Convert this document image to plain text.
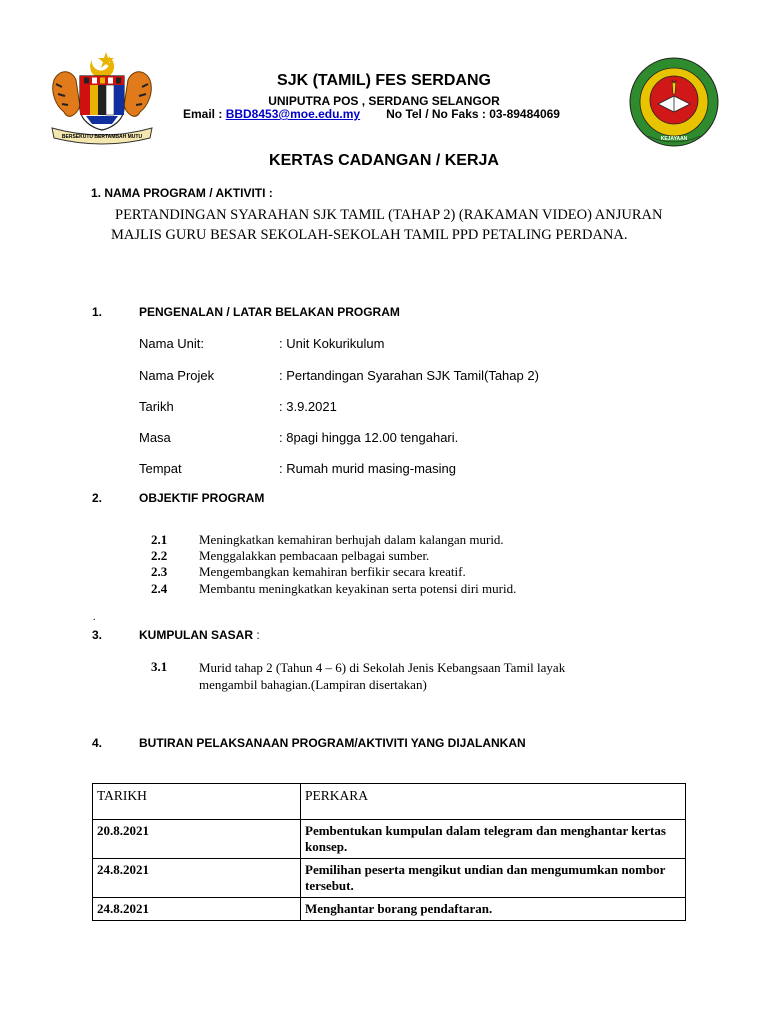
BERSEKUTU BERTAMBAH MUTU	KEJAYAAN
SJK (TAMIL) FES SERDANG
UNIPUTRA POS , SERDANG SELANGOR
Email : BBD8453@moe.edu.my No Tel / No Faks : 03-89484069
KERTAS CADANGAN / KERJA
1. NAMA PROGRAM / AKTIVITI :
PERTANDINGAN SYARAHAN SJK TAMIL (TAHAP 2) (RAKAMAN VIDEO) ANJURAN MAJLIS GURU BESAR SEKOLAH-SEKOLAH TAMIL PPD PETALING PERDANA.
1.	PENGENALAN / LATAR BELAKAN PROGRAM
Nama Unit:	: Unit Kokurikulum
Nama Projek	: Pertandingan Syarahan SJK Tamil(Tahap 2)
Tarikh	: 3.9.2021
Masa	: 8pagi hingga 12.00 tengahari.
Tempat	: Rumah murid masing-masing
2.	OBJEKTIF PROGRAM
2.1 Meningkatkan kemahiran berhujah dalam kalangan murid.
2.2 Menggalakkan pembacaan pelbagai sumber.
2.3 Mengembangkan kemahiran berfikir secara kreatif.
2.4 Membantu meningkatkan keyakinan serta potensi diri murid.
.
3.	KUMPULAN SASAR :
3.1 Murid tahap 2 (Tahun 4 – 6) di Sekolah Jenis Kebangsaan Tamil layak mengambil bahagian.(Lampiran disertakan)
4.	BUTIRAN PELAKSANAAN PROGRAM/AKTIVITI YANG DIJALANKAN
TARIKH	PERKARA
20.8.2021	Pembentukan kumpulan dalam telegram dan menghantar kertas konsep.
24.8.2021	Pemilihan peserta mengikut undian dan mengumumkan nombor tersebut.
24.8.2021	Menghantar borang pendaftaran.
